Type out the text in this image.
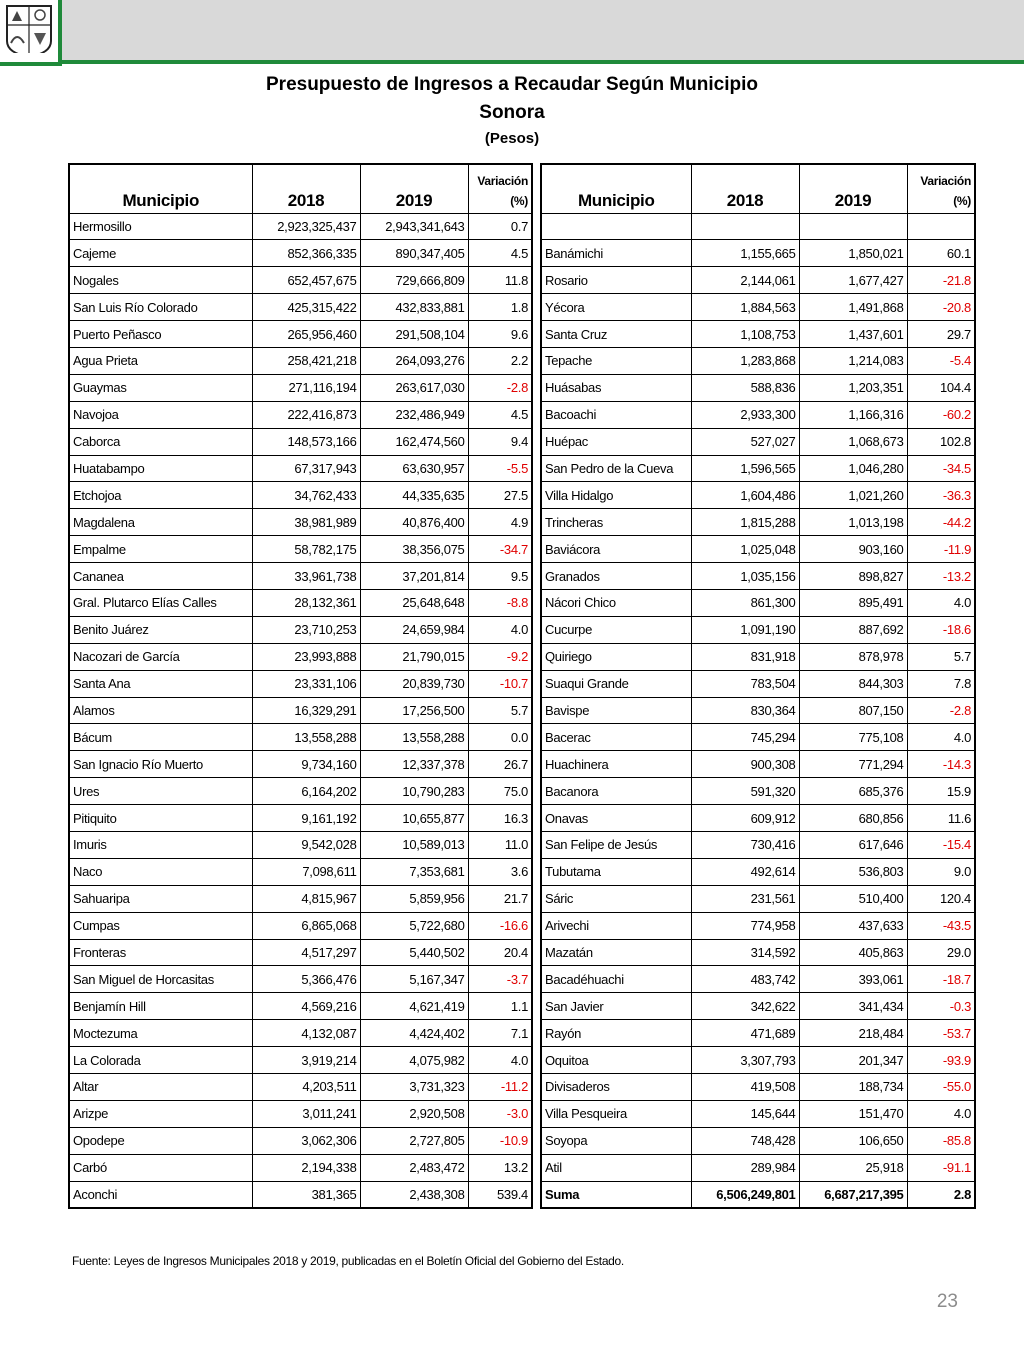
Presupuesto de Ingresos a Recaudar Según Municipio
Sonora
(Pesos)
Municipio	2018	2019	Variación
(%)
Hermosillo	2,923,325,437	2,943,341,643	0.7
Cajeme	852,366,335	890,347,405	4.5
Nogales	652,457,675	729,666,809	11.8
San Luis Río Colorado	425,315,422	432,833,881	1.8
Puerto Peñasco	265,956,460	291,508,104	9.6
Agua Prieta	258,421,218	264,093,276	2.2
Guaymas	271,116,194	263,617,030	-2.8
Navojoa	222,416,873	232,486,949	4.5
Caborca	148,573,166	162,474,560	9.4
Huatabampo	67,317,943	63,630,957	-5.5
Etchojoa	34,762,433	44,335,635	27.5
Magdalena	38,981,989	40,876,400	4.9
Empalme	58,782,175	38,356,075	-34.7
Cananea	33,961,738	37,201,814	9.5
Gral. Plutarco Elías Calles	28,132,361	25,648,648	-8.8
Benito Juárez	23,710,253	24,659,984	4.0
Nacozari de García	23,993,888	21,790,015	-9.2
Santa Ana	23,331,106	20,839,730	-10.7
Alamos	16,329,291	17,256,500	5.7
Bácum	13,558,288	13,558,288	0.0
San Ignacio Río Muerto	9,734,160	12,337,378	26.7
Ures	6,164,202	10,790,283	75.0
Pitiquito	9,161,192	10,655,877	16.3
Imuris	9,542,028	10,589,013	11.0
Naco	7,098,611	7,353,681	3.6
Sahuaripa	4,815,967	5,859,956	21.7
Cumpas	6,865,068	5,722,680	-16.6
Fronteras	4,517,297	5,440,502	20.4
San Miguel de Horcasitas	5,366,476	5,167,347	-3.7
Benjamín Hill	4,569,216	4,621,419	1.1
Moctezuma	4,132,087	4,424,402	7.1
La Colorada	3,919,214	4,075,982	4.0
Altar	4,203,511	3,731,323	-11.2
Arizpe	3,011,241	2,920,508	-3.0
Opodepe	3,062,306	2,727,805	-10.9
Carbó	2,194,338	2,483,472	13.2
Aconchi	381,365	2,438,308	539.4
Municipio	2018	2019	Variación
(%)

Banámichi	1,155,665	1,850,021	60.1
Rosario	2,144,061	1,677,427	-21.8
Yécora	1,884,563	1,491,868	-20.8
Santa Cruz	1,108,753	1,437,601	29.7
Tepache	1,283,868	1,214,083	-5.4
Huásabas	588,836	1,203,351	104.4
Bacoachi	2,933,300	1,166,316	-60.2
Huépac	527,027	1,068,673	102.8
San Pedro de la Cueva	1,596,565	1,046,280	-34.5
Villa Hidalgo	1,604,486	1,021,260	-36.3
Trincheras	1,815,288	1,013,198	-44.2
Baviácora	1,025,048	903,160	-11.9
Granados	1,035,156	898,827	-13.2
Nácori Chico	861,300	895,491	4.0
Cucurpe	1,091,190	887,692	-18.6
Quiriego	831,918	878,978	5.7
Suaqui Grande	783,504	844,303	7.8
Bavispe	830,364	807,150	-2.8
Bacerac	745,294	775,108	4.0
Huachinera	900,308	771,294	-14.3
Bacanora	591,320	685,376	15.9
Onavas	609,912	680,856	11.6
San Felipe de Jesús	730,416	617,646	-15.4
Tubutama	492,614	536,803	9.0
Sáric	231,561	510,400	120.4
Arivechi	774,958	437,633	-43.5
Mazatán	314,592	405,863	29.0
Bacadéhuachi	483,742	393,061	-18.7
San Javier	342,622	341,434	-0.3
Rayón	471,689	218,484	-53.7
Oquitoa	3,307,793	201,347	-93.9
Divisaderos	419,508	188,734	-55.0
Villa Pesqueira	145,644	151,470	4.0
Soyopa	748,428	106,650	-85.8
Atil	289,984	25,918	-91.1
Suma	6,506,249,801	6,687,217,395	2.8
Fuente: Leyes de Ingresos Municipales 2018 y 2019, publicadas en el Boletín Oficial del Gobierno del Estado.
23
